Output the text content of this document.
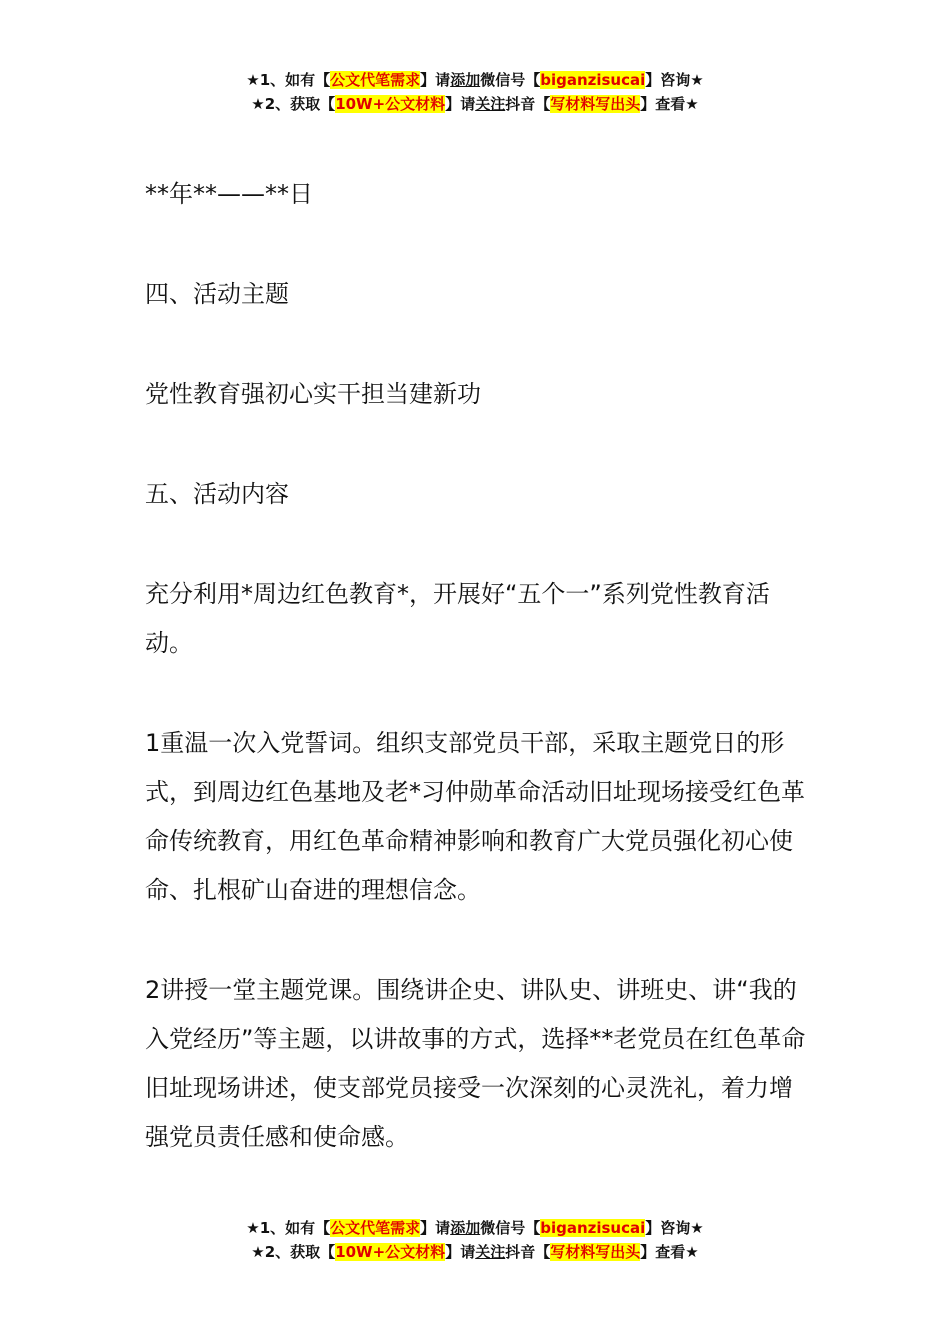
★1、如有【公文代笔需求】请添加微信号【biganzisucai】咨询★
★2、获取【10W+公文材料】请关注抖音【写材料写出头】查看★

**年**——**日

四、活动主题

党性教育强初心实干担当建新功

五、活动内容

充分利用*周边红色教育*，开展好“五个一”系列党性教育活动。

1重温一次入党誓词。组织支部党员干部，采取主题党日的形式，到周边红色基地及老*习仲勋革命活动旧址现场接受红色革命传统教育，用红色革命精神影响和教育广大党员强化初心使命、扎根矿山奋进的理想信念。

2讲授一堂主题党课。围绕讲企史、讲队史、讲班史、讲“我的入党经历”等主题，以讲故事的方式，选择**老党员在红色革命旧址现场讲述，使支部党员接受一次深刻的心灵洗礼，着力增强党员责任感和使命感。

★1、如有【公文代笔需求】请添加微信号【biganzisucai】咨询★
★2、获取【10W+公文材料】请关注抖音【写材料写出头】查看★
